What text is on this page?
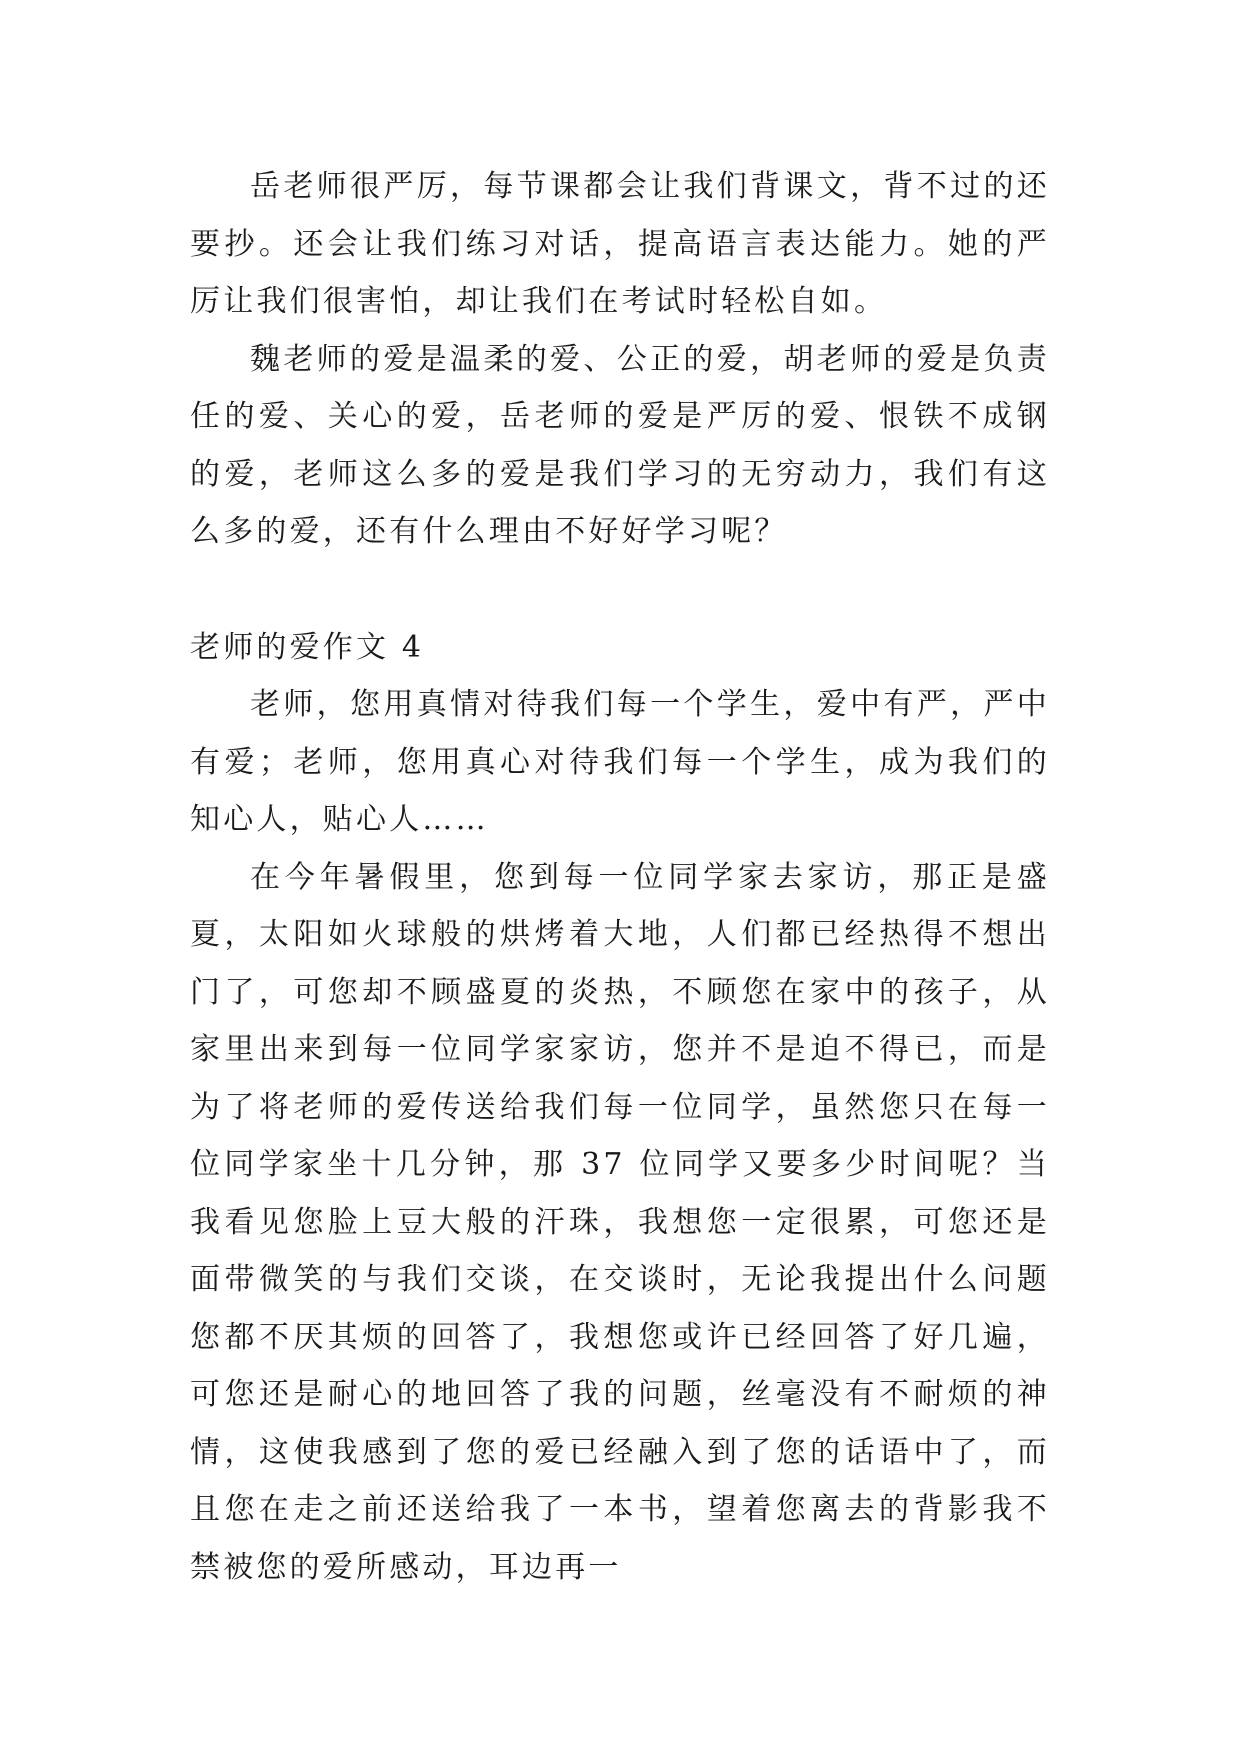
岳老师很严厉，每节课都会让我们背课文，背不过的还要抄。还会让我们练习对话，提高语言表达能力。她的严厉让我们很害怕，却让我们在考试时轻松自如。

魏老师的爱是温柔的爱、公正的爱，胡老师的爱是负责任的爱、关心的爱，岳老师的爱是严厉的爱、恨铁不成钢的爱，老师这么多的爱是我们学习的无穷动力，我们有这么多的爱，还有什么理由不好好学习呢？

老师的爱作文 4

老师，您用真情对待我们每一个学生，爱中有严，严中有爱；老师，您用真心对待我们每一个学生，成为我们的知心人，贴心人……

在今年暑假里，您到每一位同学家去家访，那正是盛夏，太阳如火球般的烘烤着大地，人们都已经热得不想出门了，可您却不顾盛夏的炎热，不顾您在家中的孩子，从家里出来到每一位同学家家访，您并不是迫不得已，而是为了将老师的爱传送给我们每一位同学，虽然您只在每一位同学家坐十几分钟，那 37 位同学又要多少时间呢？当我看见您脸上豆大般的汗珠，我想您一定很累，可您还是面带微笑的与我们交谈，在交谈时，无论我提出什么问题您都不厌其烦的回答了，我想您或许已经回答了好几遍，可您还是耐心的地回答了我的问题，丝毫没有不耐烦的神情，这使我感到了您的爱已经融入到了您的话语中了，而且您在走之前还送给我了一本书，望着您离去的背影我不禁被您的爱所感动，耳边再一
